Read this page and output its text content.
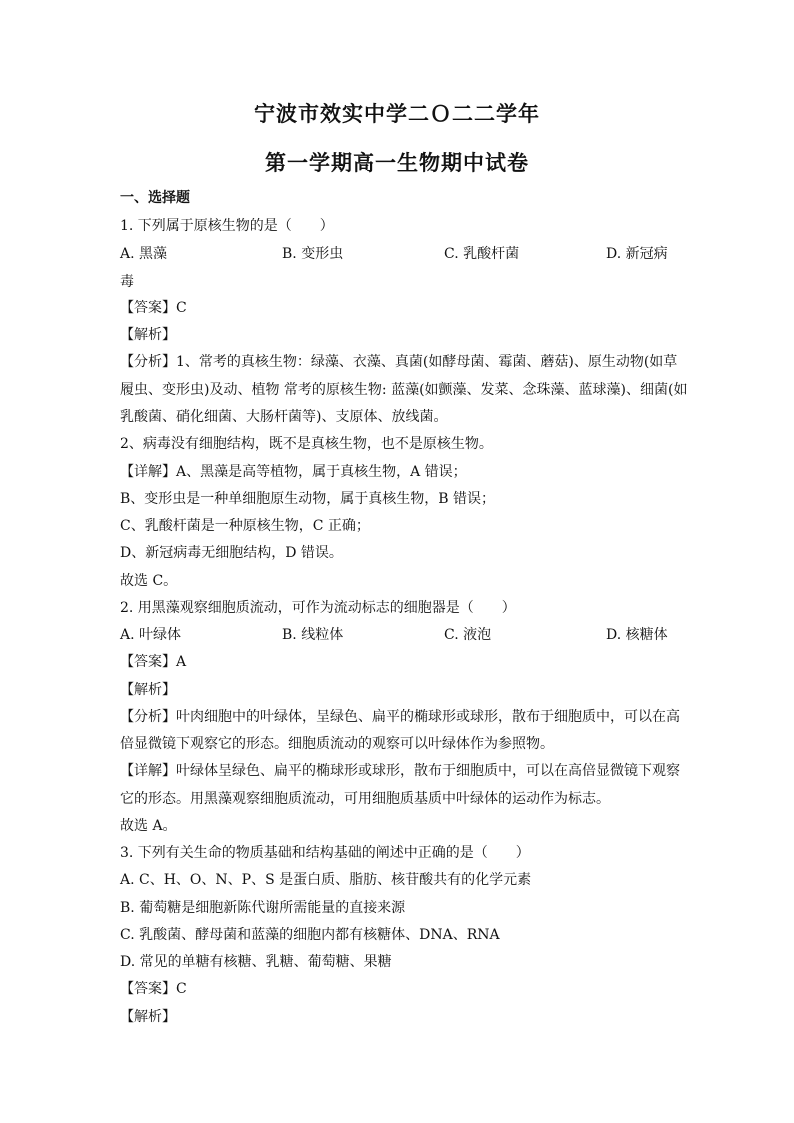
宁波市效实中学二Ｏ二二学年
第一学期高一生物期中试卷
一、选择题
1. 下列属于原核生物的是（　　）
A. 黑藻	B. 变形虫	C. 乳酸杆菌	D. 新冠病
毒
【答案】C
【解析】
【分析】1、常考的真核生物：绿藻、衣藻、真菌(如酵母菌、霉菌、蘑菇)、原生动物(如草
履虫、变形虫)及动、植物 常考的原核生物: 蓝藻(如颤藻、发菜、念珠藻、蓝球藻)、细菌(如
乳酸菌、硝化细菌、大肠杆菌等)、支原体、放线菌。
2、病毒没有细胞结构，既不是真核生物，也不是原核生物。
【详解】A、黑藻是高等植物，属于真核生物，A 错误；
B、变形虫是一种单细胞原生动物，属于真核生物，B 错误；
C、乳酸杆菌是一种原核生物，C 正确；
D、新冠病毒无细胞结构，D 错误。
故选 C。
2. 用黑藻观察细胞质流动，可作为流动标志的细胞器是（　　）
A. 叶绿体	B. 线粒体	C. 液泡	D. 核糖体
【答案】A
【解析】
【分析】叶肉细胞中的叶绿体，呈绿色、扁平的椭球形或球形，散布于细胞质中，可以在高
倍显微镜下观察它的形态。细胞质流动的观察可以叶绿体作为参照物。
【详解】叶绿体呈绿色、扁平的椭球形或球形，散布于细胞质中，可以在高倍显微镜下观察
它的形态。用黑藻观察细胞质流动，可用细胞质基质中叶绿体的运动作为标志。
故选 A。
3. 下列有关生命的物质基础和结构基础的阐述中正确的是（　　）
A. C、H、O、N、P、S 是蛋白质、脂肪、核苷酸共有的化学元素
B. 葡萄糖是细胞新陈代谢所需能量的直接来源
C. 乳酸菌、酵母菌和蓝藻的细胞内都有核糖体、DNA、RNA
D. 常见的单糖有核糖、乳糖、葡萄糖、果糖
【答案】C
【解析】
